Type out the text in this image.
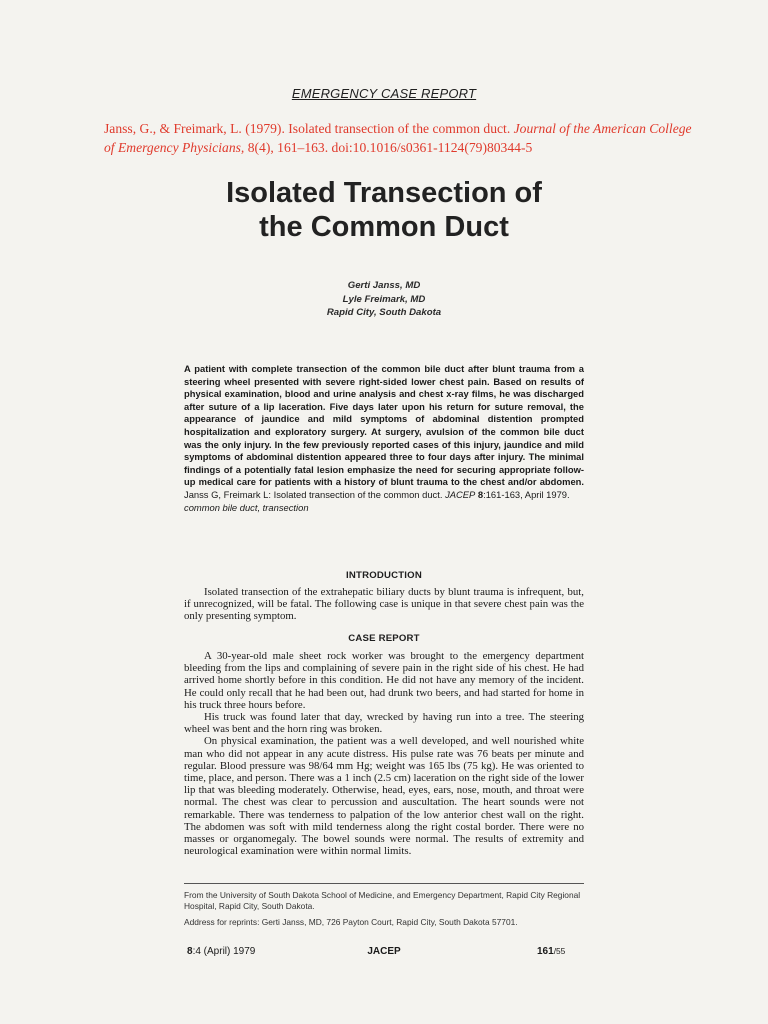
EMERGENCY CASE REPORT
Janss, G., & Freimark, L. (1979). Isolated transection of the common duct. Journal of the American College of Emergency Physicians, 8(4), 161–163. doi:10.1016/s0361-1124(79)80344-5
Isolated Transection of
the Common Duct
Gerti Janss, MD
Lyle Freimark, MD
Rapid City, South Dakota
A patient with complete transection of the common bile duct after blunt trauma from a steering wheel presented with severe right-sided lower chest pain. Based on results of physical examination, blood and urine analysis and chest x-ray films, he was discharged after suture of a lip laceration. Five days later upon his return for suture removal, the appearance of jaundice and mild symptoms of abdominal distention prompted hospitalization and exploratory surgery. At surgery, avulsion of the common bile duct was the only injury. In the few previously reported cases of this injury, jaundice and mild symptoms of abdominal distention appeared three to four days after injury. The minimal findings of a potentially fatal lesion emphasize the need for securing appropriate follow-up medical care for patients with a history of blunt trauma to the chest and/or abdomen. Janss G, Freimark L: Isolated transection of the common duct. JACEP 8:161-163, April 1979.
common bile duct, transection
INTRODUCTION

Isolated transection of the extrahepatic biliary ducts by blunt trauma is infrequent, but, if unrecognized, will be fatal. The following case is unique in that severe chest pain was the only presenting symptom.

CASE REPORT

A 30-year-old male sheet rock worker was brought to the emergency department bleeding from the lips and complaining of severe pain in the right side of his chest. He had arrived home shortly before in this condition. He did not have any memory of the incident. He could only recall that he had been out, had drunk two beers, and had started for home in his truck three hours before.

His truck was found later that day, wrecked by having run into a tree. The steering wheel was bent and the horn ring was broken.

On physical examination, the patient was a well developed, and well nourished white man who did not appear in any acute distress. His pulse rate was 76 beats per minute and regular. Blood pressure was 98/64 mm Hg; weight was 165 lbs (75 kg). He was oriented to time, place, and person. There was a 1 inch (2.5 cm) laceration on the right side of the lower lip that was bleeding moderately. Otherwise, head, eyes, ears, nose, mouth, and throat were normal. The chest was clear to percussion and auscultation. The heart sounds were not remarkable. There was tenderness to palpation of the low anterior chest wall on the right. The abdomen was soft with mild tenderness along the right costal border. There were no masses or organomegaly. The bowel sounds were normal. The results of extremity and neurological examination were within normal limits.

From the University of South Dakota School of Medicine, and Emergency Department, Rapid City Regional Hospital, Rapid City, South Dakota.
Address for reprints: Gerti Janss, MD, 726 Payton Court, Rapid City, South Dakota 57701.
8:4 (April) 1979	JACEP	161/55
